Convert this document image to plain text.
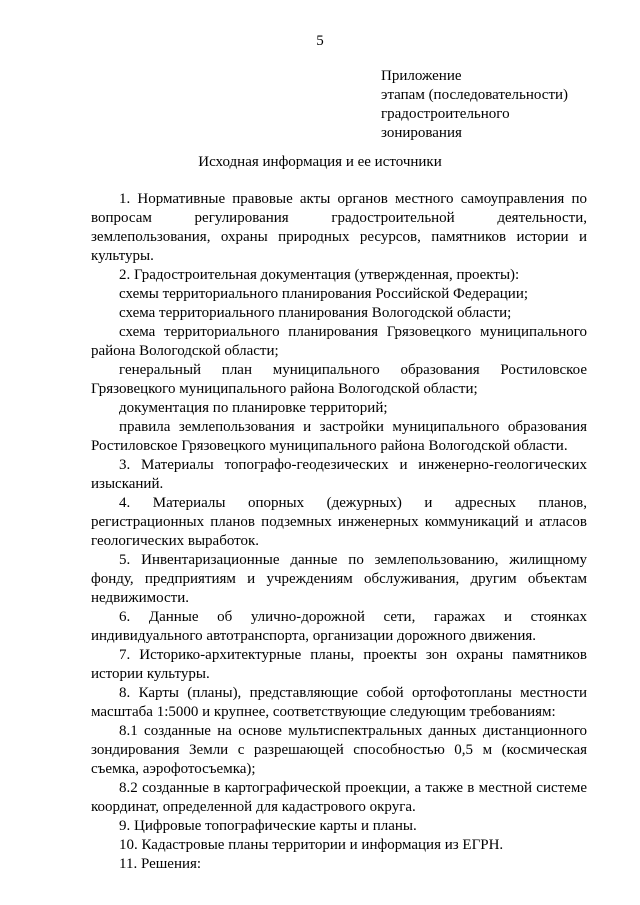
5
Приложение
этапам (последовательности)
градостроительного
зонирования
Исходная информация и ее источники

1. Нормативные правовые акты органов местного самоуправления по вопросам регулирования градостроительной деятельности, землепользования, охраны природных ресурсов, памятников истории и культуры.

2. Градостроительная документация (утвержденная, проекты):

схемы территориального планирования Российской Федерации;

схема территориального планирования Вологодской области;

схема территориального планирования Грязовецкого муниципального района Вологодской области;

генеральный план муниципального образования Ростиловское Грязовецкого муниципального района Вологодской области;

документация по планировке территорий;

правила землепользования и застройки муниципального образования Ростиловское Грязовецкого муниципального района Вологодской области.

3. Материалы топографо-геодезических и инженерно-геологических изысканий.

4. Материалы опорных (дежурных) и адресных планов, регистрационных планов подземных инженерных коммуникаций и атласов геологических выработок.

5. Инвентаризационные данные по землепользованию, жилищному фонду, предприятиям и учреждениям обслуживания, другим объектам недвижимости.

6. Данные об улично-дорожной сети, гаражах и стоянках индивидуального автотранспорта, организации дорожного движения.

7. Историко-архитектурные планы, проекты зон охраны памятников истории культуры.

8. Карты (планы), представляющие собой ортофотопланы местности масштаба 1:5000 и крупнее, соответствующие следующим требованиям:

8.1 созданные на основе мультиспектральных данных дистанционного зондирования Земли с разрешающей способностью 0,5 м (космическая съемка, аэрофотосъемка);

8.2 созданные в картографической проекции, а также в местной системе координат, определенной для кадастрового округа.

9. Цифровые топографические карты и планы.

10. Кадастровые планы территории и информация из ЕГРН.

11. Решения:
